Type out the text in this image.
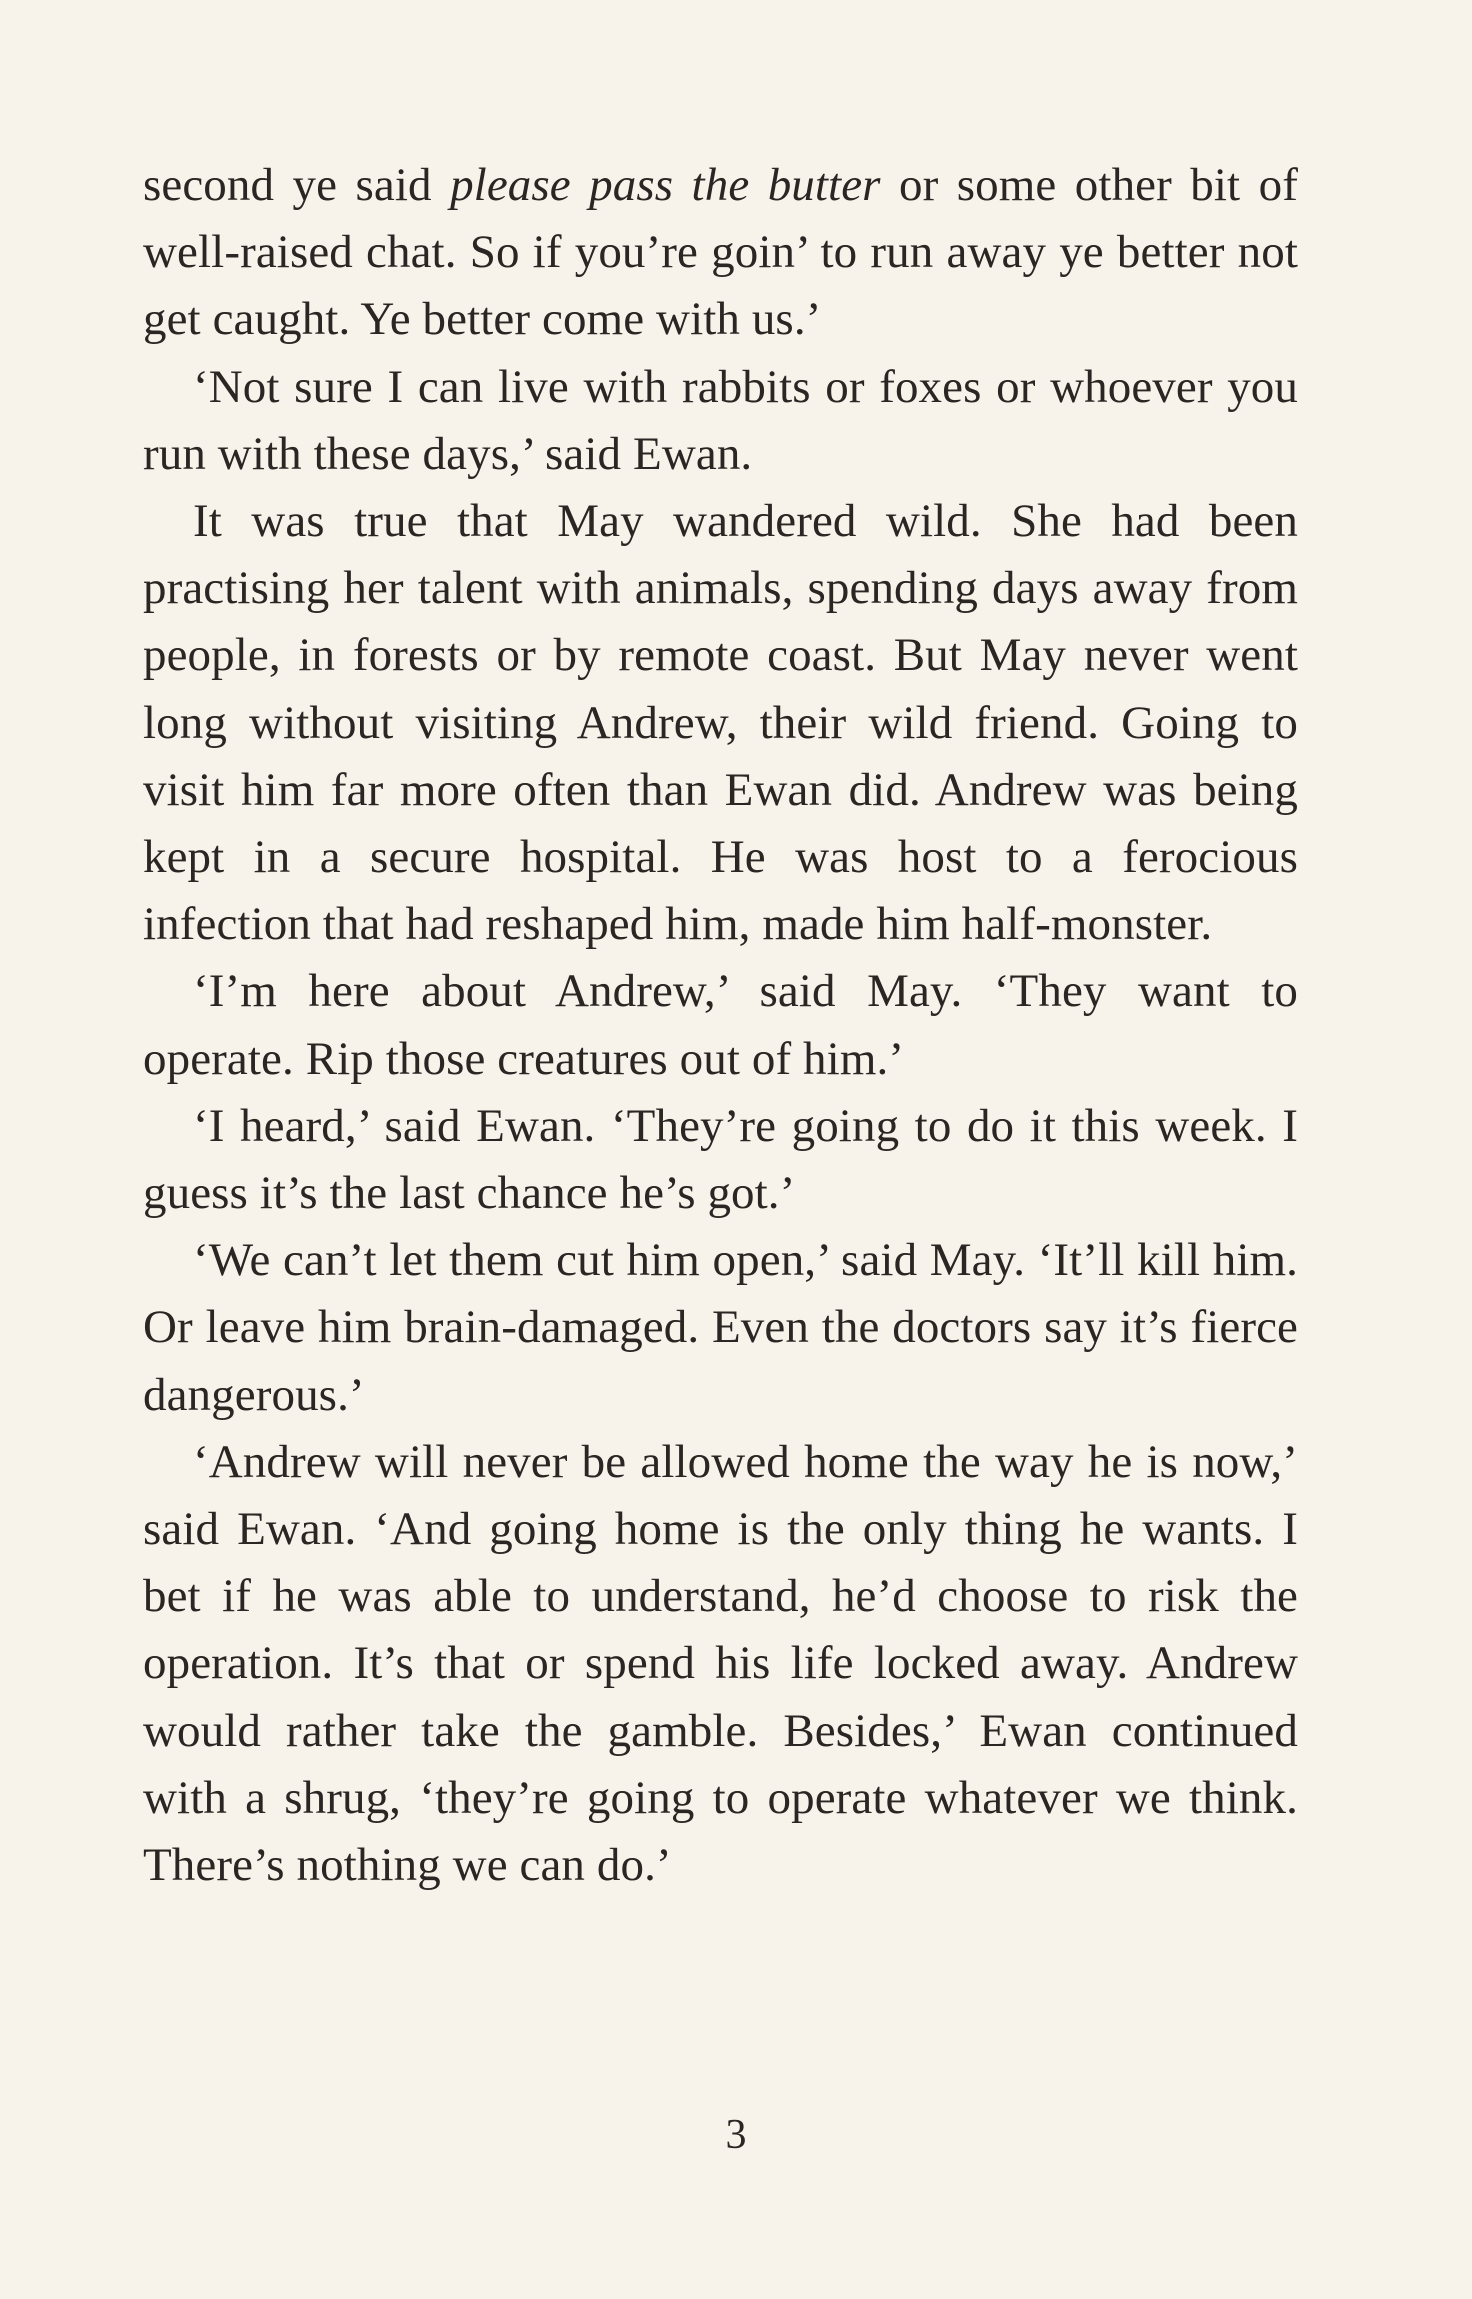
second ye said please pass the butter or some other bit of well-raised chat. So if you’re goin’ to run away ye better not get caught. Ye better come with us.’

‘Not sure I can live with rabbits or foxes or whoever you run with these days,’ said Ewan.

It was true that May wandered wild. She had been practising her talent with animals, spending days away from people, in forests or by remote coast. But May never went long without visiting Andrew, their wild friend. Going to visit him far more often than Ewan did. Andrew was being kept in a secure hospital. He was host to a ferocious infection that had reshaped him, made him half-monster.

‘I’m here about Andrew,’ said May. ‘They want to operate. Rip those creatures out of him.’

‘I heard,’ said Ewan. ‘They’re going to do it this week. I guess it’s the last chance he’s got.’

‘We can’t let them cut him open,’ said May. ‘It’ll kill him. Or leave him brain-damaged. Even the doctors say it’s fierce dangerous.’

‘Andrew will never be allowed home the way he is now,’ said Ewan. ‘And going home is the only thing he wants. I bet if he was able to understand, he’d choose to risk the operation. It’s that or spend his life locked away. Andrew would rather take the gamble. Besides,’ Ewan continued with a shrug, ‘they’re going to operate whatever we think. There’s nothing we can do.’

3
